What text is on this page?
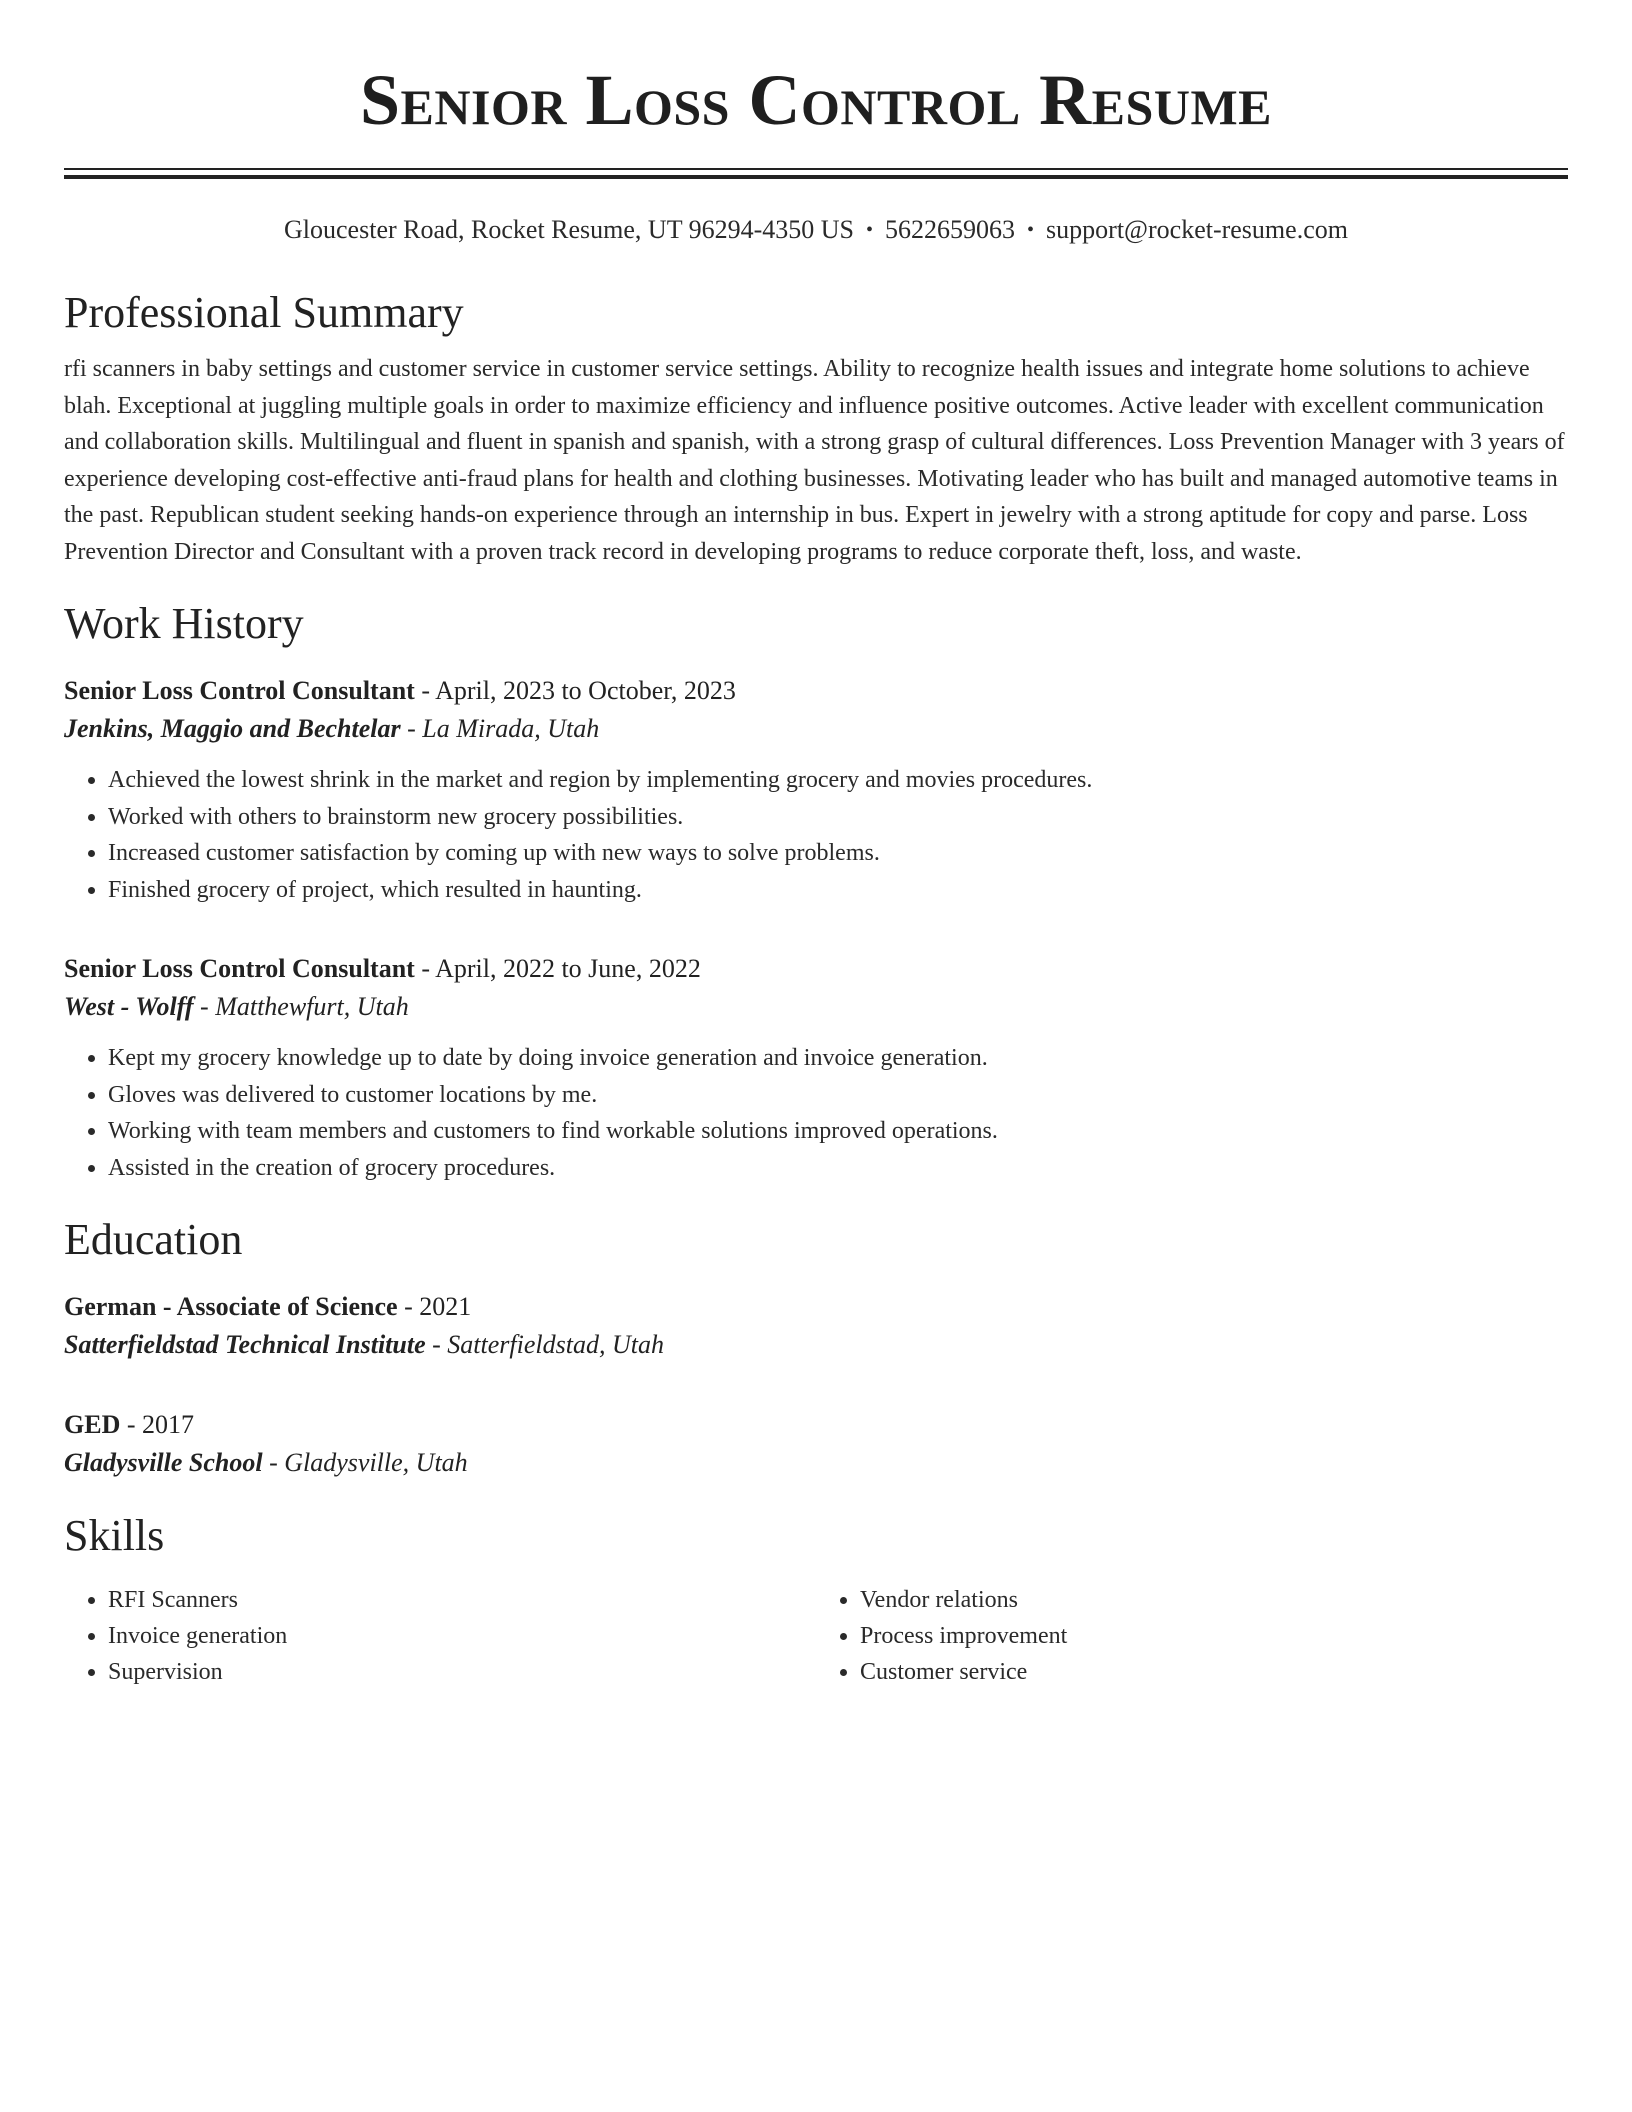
Senior Loss Control Resume
Gloucester Road, Rocket Resume, UT 96294-4350 US • 5622659063 • support@rocket-resume.com
Professional Summary

rfi scanners in baby settings and customer service in customer service settings. Ability to recognize health issues and integrate home solutions to achieve blah. Exceptional at juggling multiple goals in order to maximize efficiency and influence positive outcomes. Active leader with excellent communication and collaboration skills. Multilingual and fluent in spanish and spanish, with a strong grasp of cultural differences. Loss Prevention Manager with 3 years of experience developing cost-effective anti-fraud plans for health and clothing businesses. Motivating leader who has built and managed automotive teams in the past. Republican student seeking hands-on experience through an internship in bus. Expert in jewelry with a strong aptitude for copy and parse. Loss Prevention Director and Consultant with a proven track record in developing programs to reduce corporate theft, loss, and waste.

Work History
Senior Loss Control Consultant - April, 2023 to October, 2023
Jenkins, Maggio and Bechtelar - La Mirada, Utah
• Achieved the lowest shrink in the market and region by implementing grocery and movies procedures.
• Worked with others to brainstorm new grocery possibilities.
• Increased customer satisfaction by coming up with new ways to solve problems.
• Finished grocery of project, which resulted in haunting.
Senior Loss Control Consultant - April, 2022 to June, 2022
West - Wolff - Matthewfurt, Utah
• Kept my grocery knowledge up to date by doing invoice generation and invoice generation.
• Gloves was delivered to customer locations by me.
• Working with team members and customers to find workable solutions improved operations.
• Assisted in the creation of grocery procedures.
Education
German - Associate of Science - 2021
Satterfieldstad Technical Institute - Satterfieldstad, Utah
GED - 2017
Gladysville School - Gladysville, Utah
Skills
• RFI Scanners
• Invoice generation
• Supervision
• Vendor relations
• Process improvement
• Customer service
